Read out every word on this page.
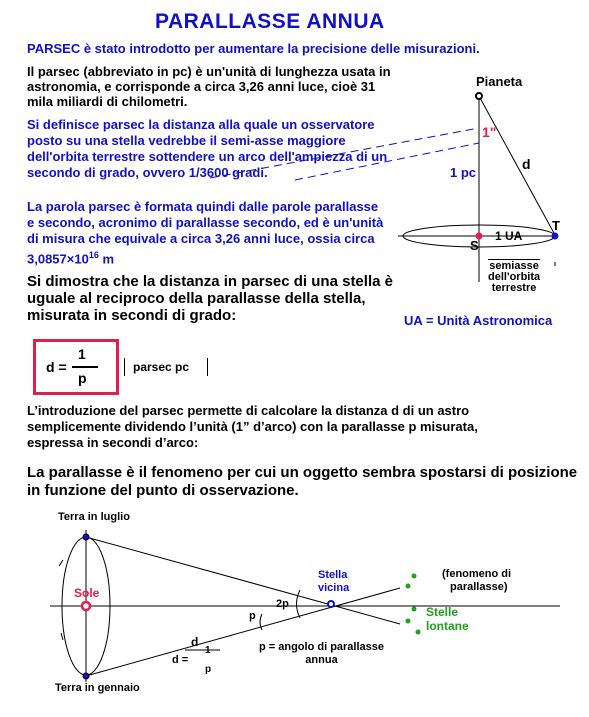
PARALLASSE ANNUA
PARSEC è stato introdotto per aumentare la precisione delle misurazioni.
Il parsec (abbreviato in pc) è un'unità di lunghezza usata in astronomia, e corrisponde a circa 3,26 anni luce, cioè 31 mila miliardi di chilometri.
Si definisce parsec la distanza alla quale un osservatore posto su una stella vedrebbe il semi-asse maggiore dell'orbita terrestre sottendere un arco dell'ampiezza di un secondo di grado, ovvero 1/3600 gradi.
La parola parsec è formata quindi dalle parole parallasse e secondo, acronimo di parallasse secondo, ed è un'unità di misura che equivale a circa 3,26 anni luce, ossia circa $3,0857\times 10^{16}$ m
Si dimostra che la distanza in parsec di una stella è uguale al reciproco della parallasse della stella, misurata in secondi di grado:	UA = Unità Astronomica
d =
1
p
parsec pc
L’introduzione del parsec permette di calcolare la distanza d di un astro semplicemente dividendo l’unità (1” d’arco) con la parallasse p misurata, espressa in secondi d’arco:
La parallasse è il fenomeno per cui un oggetto sembra spostarsi di posizione in funzione del punto di osservazione.
Pianeta
1"
d
1 pc
T
S
1 UA
semiasse
dell'orbita
terrestre
Terra in luglio
Terra in gennaio
Sole
Stella
vicina
Stelle
lontane
(fenomeno di
parallasse)
2p
p
d
d =
1
p
p = angolo di parallasse
annua
